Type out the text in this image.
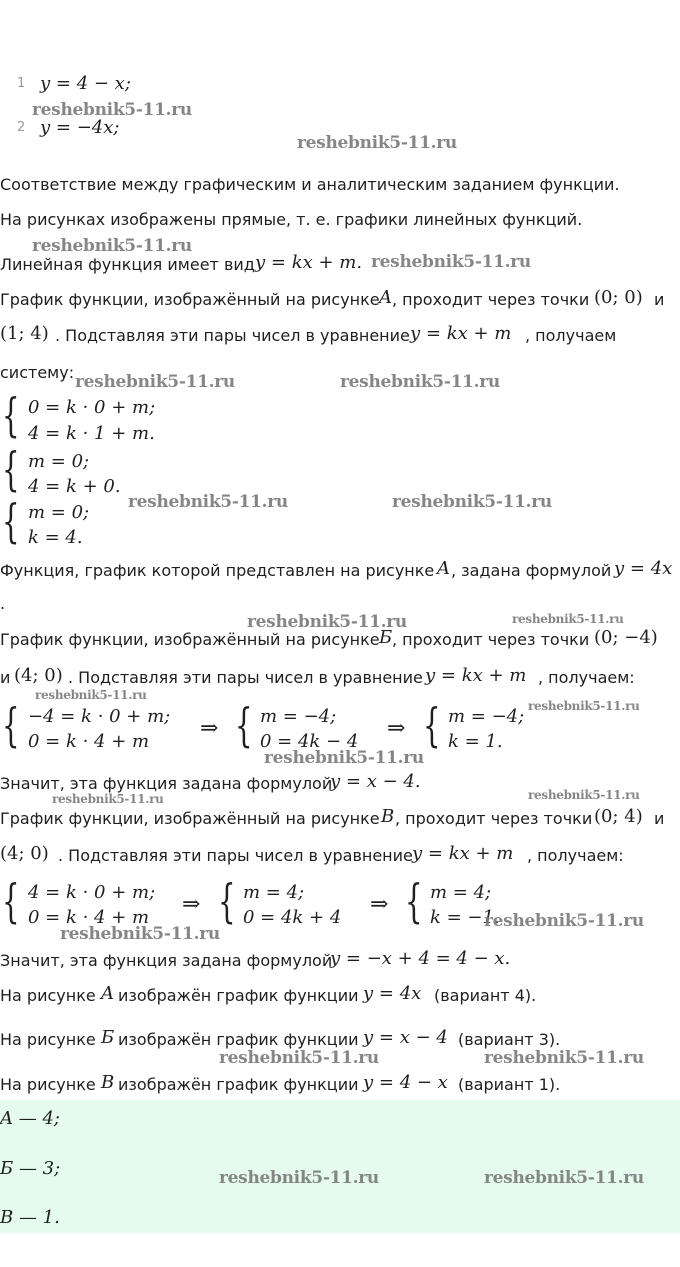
1 y = 4 − x;
2 y = −4x;
Соответствие между графическим и аналитическим заданием функции.
На рисунках изображены прямые, т. е. графики линейных функций.
Линейная функция имеет вид y = kx + m.
График функции, изображённый на рисунке A , проходит через точки (0; 0) и
(1; 4) . Подставляя эти пары чисел в уравнение y = kx + m , получаем
систему:
{ 0 = k · 0 + m;
4 = k · 1 + m.
{ m = 0;
4 = k + 0.
{ m = 0;
k = 4.
Функция, график которой представлен на рисунке A , задана формулой y = 4x
.
График функции, изображённый на рисунке Б , проходит через точки (0; −4)
и (4; 0) . Подставляя эти пары чисел в уравнение y = kx + m , получаем:
{ −4 = k · 0 + m;
0 = k · 4 + m
⇒ { m = −4;
0 = 4k − 4
⇒ { m = −4;
k = 1.
Значит, эта функция задана формулой
y = x − 4.
График функции, изображённый на рисунке B , проходит через точки (0; 4) и
(4; 0) . Подставляя эти пары чисел в уравнение y = kx + m , получаем:
{ 4 = k · 0 + m;
0 = k · 4 + m
⇒ { m = 4;
0 = 4k + 4
⇒ { m = 4;
k = −1.
Значит, эта функция задана формулой
y = −x + 4 = 4 − x.
На рисунке A изображён график функции y = 4x (вариант 4).
На рисунке Б изображён график функции y = x − 4 (вариант 3).
На рисунке B изображён график функции y = 4 − x (вариант 1).
A — 4;
Б — 3;
B — 1.
reshebnik5-11.ru
reshebnik5-11.ru
reshebnik5-11.ru
reshebnik5-11.ru
reshebnik5-11.ru	reshebnik5-11.ru
reshebnik5-11.ru	reshebnik5-11.ru
reshebnik5-11.ru	reshebnik5-11.ru
reshebnik5-11.ru
reshebnik5-11.ru
reshebnik5-11.ru
reshebnik5-11.ru	reshebnik5-11.ru
reshebnik5-11.ru
reshebnik5-11.ru
reshebnik5-11.ru	reshebnik5-11.ru
reshebnik5-11.ru	reshebnik5-11.ru
